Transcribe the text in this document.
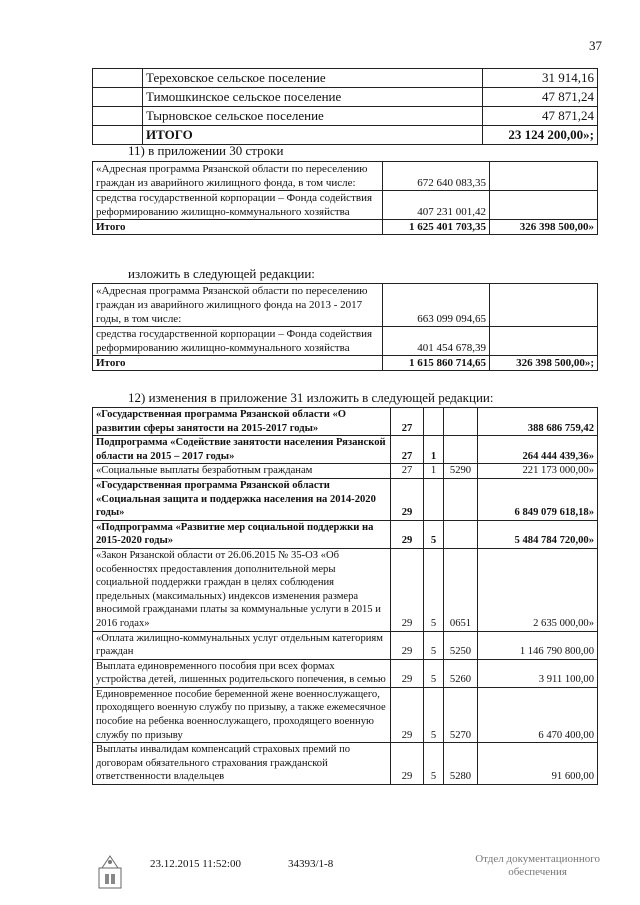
37
	Тереховское сельское поселение	31 914,16
	Тимошкинское сельское поселение	47 871,24
	Тырновское сельское поселение	47 871,24
	ИТОГО	23 124 200,00»;
11) в приложении 30 строки
«Адресная программа Рязанской области по переселению граждан из аварийного жилищного фонда, в том числе:	672 640 083,35	
средства государственной корпорации – Фонда содействия реформированию жилищно-коммунального хозяйства	407 231 001,42	
Итого	1 625 401 703,35	326 398 500,00»
изложить в следующей редакции:
«Адресная программа Рязанской области по переселению граждан из аварийного жилищного фонда на 2013 - 2017 годы, в том числе:	663 099 094,65	
средства государственной корпорации – Фонда содействия реформированию жилищно-коммунального хозяйства	401 454 678,39	
Итого	1 615 860 714,65	326 398 500,00»;
12) изменения в приложение 31 изложить в следующей редакции:
«Государственная программа Рязанской области «О развитии сферы занятости на 2015-2017 годы»	27			388 686 759,42
Подпрограмма «Содействие занятости населения Рязанской области на 2015 – 2017 годы»	27	1		264 444 439,36»
«Социальные выплаты безработным гражданам	27	1	5290	221 173 000,00»
«Государственная программа Рязанской области «Социальная защита и поддержка населения на 2014-2020 годы»	29			6 849 079 618,18»
«Подпрограмма «Развитие мер социальной поддержки на 2015-2020 годы»	29	5		5 484 784 720,00»
«Закон Рязанской области от 26.06.2015 № 35-ОЗ «Об особенностях предоставления дополнительной меры социальной поддержки граждан в целях соблюдения предельных (максимальных) индексов изменения размера вносимой гражданами платы за коммунальные услуги в 2015 и 2016 годах»	29	5	0651	2 635 000,00»
«Оплата жилищно-коммунальных услуг отдельным категориям граждан	29	5	5250	1 146 790 800,00
Выплата единовременного пособия при всех формах устройства детей, лишенных родительского попечения, в семью	29	5	5260	3 911 100,00
Единовременное пособие беременной жене военнослужащего, проходящего военную службу по призыву, а также ежемесячное пособие на ребенка военнослужащего, проходящего военную службу по призыву	29	5	5270	6 470 400,00
Выплаты инвалидам компенсаций страховых премий по договорам обязательного страхования гражданской ответственности владельцев	29	5	5280	91 600,00
23.12.2015 11:52:00	34393/1-8	Отдел документационного
обеспечения
